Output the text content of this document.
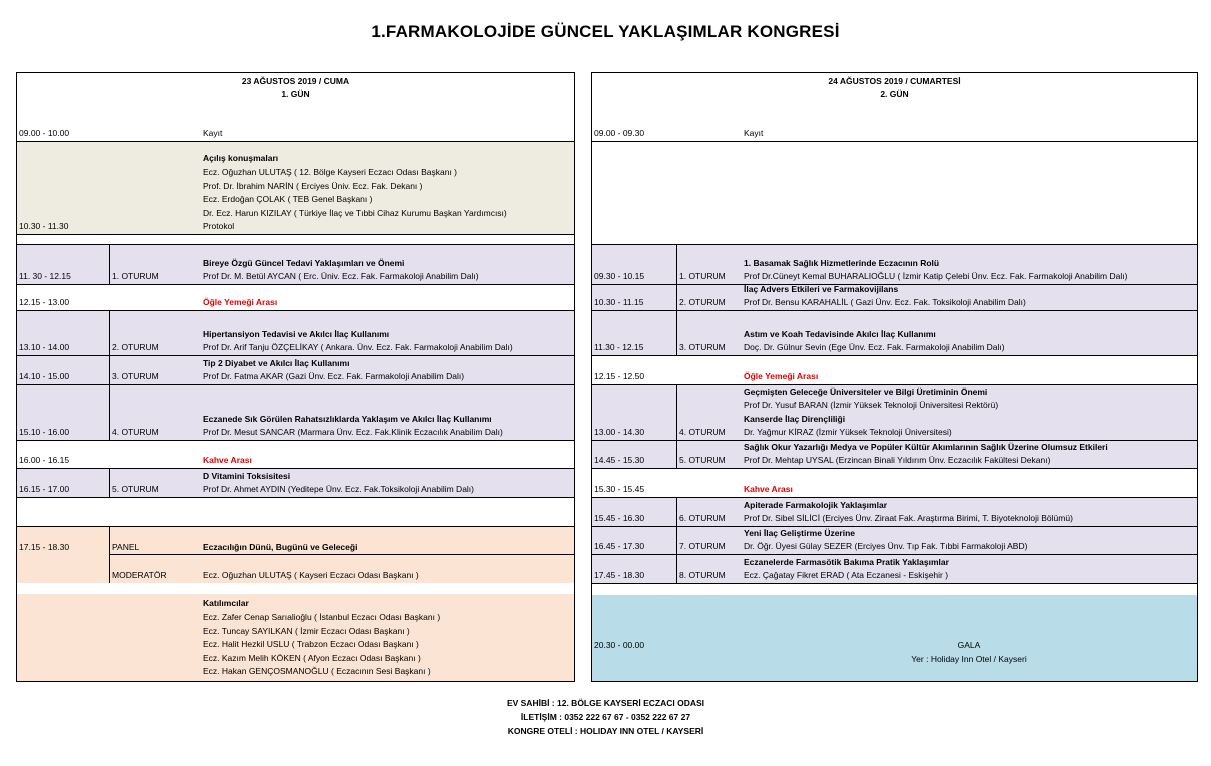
1.FARMAKOLOJİDE GÜNCEL YAKLAŞIMLAR KONGRESİ
23 AĞUSTOS 2019 / CUMA
1. GÜN
09.00 - 10.00	Kayıt
10.30 - 11.30
Açılış konuşmaları
Ecz. Oğuzhan ULUTAŞ ( 12. Bölge Kayseri Eczacı Odası Başkanı )
Prof. Dr. İbrahim NARİN ( Erciyes Üniv. Ecz. Fak. Dekanı )
Ecz. Erdoğan ÇOLAK ( TEB Genel Başkanı )
Dr. Ecz. Harun KIZILAY ( Türkiye İlaç ve Tıbbi Cihaz Kurumu Başkan Yardımcısı)
Protokol
11. 30 - 12.15	1. OTURUM
Bireye Özgü Güncel Tedavi Yaklaşımları ve Önemi
Prof Dr. M. Betül AYCAN ( Erc. Üniv. Ecz. Fak. Farmakoloji Anabilim Dalı)
12.15 - 13.00	Öğle Yemeği Arası
13.10 - 14.00	2. OTURUM
Hipertansiyon Tedavisi ve Akılcı İlaç Kullanımı
Prof Dr. Arif Tanju ÖZÇELİKAY ( Ankara. Ünv. Ecz. Fak. Farmakoloji Anabilim Dalı)
14.10 - 15.00	3. OTURUM
Tip 2 Diyabet ve Akılcı İlaç Kullanımı
Prof Dr. Fatma AKAR (Gazi Ünv. Ecz. Fak. Farmakoloji Anabilim Dalı)
15.10 - 16.00	4. OTURUM
Eczanede Sık Görülen Rahatsızlıklarda Yaklaşım ve Akılcı İlaç Kullanımı
Prof Dr. Mesut SANCAR (Marmara Ünv. Ecz. Fak.Klinik Eczacılık Anabilim Dalı)
16.00 - 16.15	Kahve Arası
16.15 - 17.00	5. OTURUM
D Vitamini Toksisitesi
Prof Dr. Ahmet AYDIN (Yeditepe Ünv. Ecz. Fak.Toksikoloji Anabilim Dalı)
17.15 - 18.30	PANEL	Eczacılığın Dünü, Bugünü ve Geleceği
MODERATÖR	Ecz. Oğuzhan ULUTAŞ ( Kayseri Eczacı Odası Başkanı )
Katılımcılar
Ecz. Zafer Cenap Sarıalioğlu ( İstanbul Eczacı Odası Başkanı )
Ecz. Tuncay SAYILKAN ( İzmir Eczacı Odası Başkanı )
Ecz. Halit Hezkil USLU ( Trabzon Eczacı Odası Başkanı )
Ecz. Kazım Melih KÖKEN ( Afyon Eczacı Odası Başkanı )
Ecz. Hakan GENÇOSMANOĞLU ( Eczacının Sesi Başkanı )
24 AĞUSTOS 2019 / CUMARTESİ
2. GÜN
09.00 - 09.30	Kayıt
09.30 - 10.15	1. OTURUM
1. Basamak Sağlık Hizmetlerinde Eczacının Rolü
Prof Dr.Cüneyt Kemal BUHARALIOĞLU ( İzmir Katip Çelebi Ünv. Ecz. Fak. Farmakoloji Anabilim Dalı)
10.30 - 11.15	2. OTURUM
İlaç Advers Etkileri ve Farmakovijilans
Prof Dr. Bensu KARAHALİL ( Gazi Ünv. Ecz. Fak. Toksikoloji Anabilim Dalı)
11.30 - 12.15	3. OTURUM
Astım ve Koah Tedavisinde Akılcı İlaç Kullanımı
Doç. Dr. Gülnur Sevin (Ege Ünv. Ecz. Fak. Farmakoloji Anabilim Dalı)
12.15 - 12.50	Öğle Yemeği Arası
13.00 - 14.30	4. OTURUM
Geçmişten Geleceğe Üniversiteler ve Bilgi Üretiminin Önemi
Prof Dr. Yusuf BARAN (İzmir Yüksek Teknoloji Üniversitesi Rektörü)
Kanserde İlaç Dirençliliği
Dr. Yağmur KİRAZ (İzmir Yüksek Teknoloji Üniversitesi)
14.45 - 15.30	5. OTURUM
Sağlık Okur Yazarlığı Medya ve Popüler Kültür Akımlarının Sağlık Üzerine Olumsuz Etkileri
Prof Dr. Mehtap UYSAL (Erzincan Binali Yıldırım Ünv. Eczacılık Fakültesi Dekanı)
15.30 - 15.45	Kahve Arası
15.45 - 16.30	6. OTURUM
Apiterade Farmakolojik Yaklaşımlar
Prof Dr. Sibel SİLİCİ (Erciyes Ünv. Ziraat Fak. Araştırma Birimi, T. Biyoteknoloji Bölümü)
16.45 - 17.30	7. OTURUM
Yeni İlaç Geliştirme Üzerine
Dr. Öğr. Üyesi Gülay SEZER (Erciyes Ünv. Tıp Fak. Tıbbi Farmakoloji ABD)
17.45 - 18.30	8. OTURUM
Eczanelerde Farmasötik Bakıma Pratik Yaklaşımlar
Ecz. Çağatay Fikret ERAD ( Ata Eczanesi - Eskişehir )
20.30 - 00.00	GALA
Yer : Holiday Inn Otel / Kayseri
EV SAHİBİ : 12. BÖLGE KAYSERİ ECZACI ODASI
İLETİŞİM : 0352 222 67 67 - 0352 222 67 27
KONGRE OTELİ : HOLIDAY INN OTEL / KAYSERİ
